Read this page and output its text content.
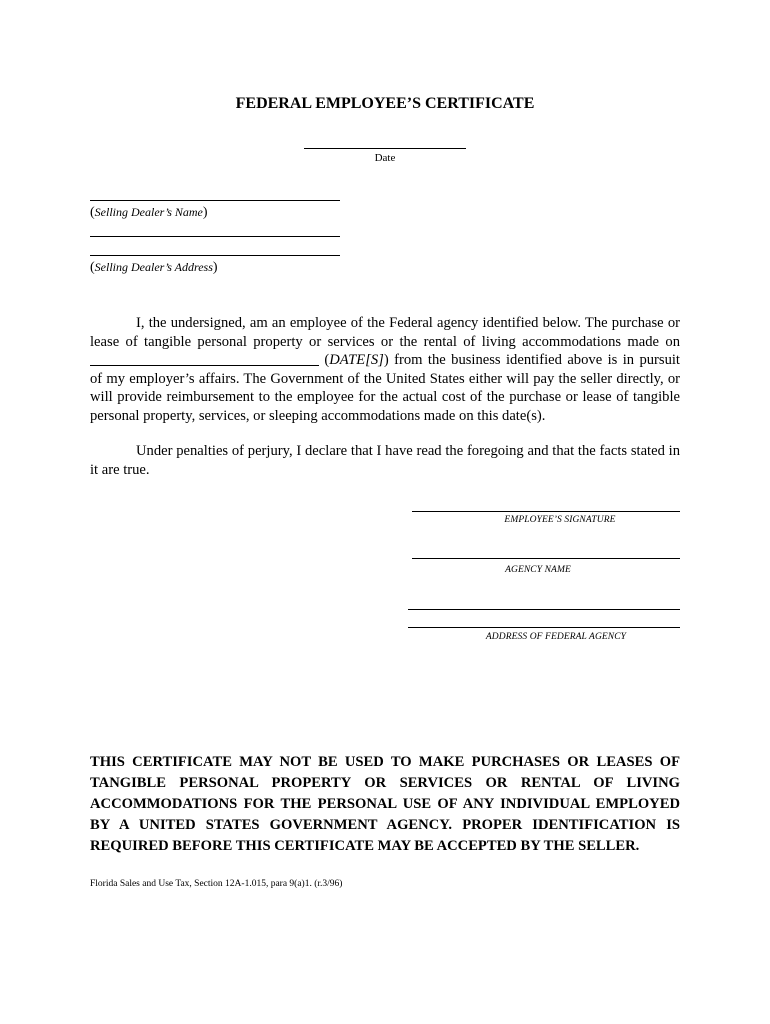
FEDERAL EMPLOYEE’S CERTIFICATE
Date
(Selling Dealer’s Name)
(Selling Dealer’s Address)

I, the undersigned, am an employee of the Federal agency identified below. The purchase or lease of tangible personal property or services or the rental of living accommodations made on  (DATE[S]) from the business identified above is in pursuit of my employer’s affairs. The Government of the United States either will pay the seller directly, or will provide reimbursement to the employee for the actual cost of the purchase or lease of tangible personal property, services, or sleeping accommodations made on this date(s).

Under penalties of perjury, I declare that I have read the foregoing and that the facts stated in it are true.

EMPLOYEE’S SIGNATURE
AGENCY NAME
ADDRESS OF FEDERAL AGENCY
THIS CERTIFICATE MAY NOT BE USED TO MAKE PURCHASES OR LEASES OF TANGIBLE PERSONAL PROPERTY OR SERVICES OR RENTAL OF LIVING ACCOMMODATIONS FOR THE PERSONAL USE OF ANY INDIVIDUAL EMPLOYED BY A UNITED STATES GOVERNMENT AGENCY. PROPER IDENTIFICATION IS REQUIRED BEFORE THIS CERTIFICATE MAY BE ACCEPTED BY THE SELLER.
Florida Sales and Use Tax, Section 12A-1.015, para 9(a)1. (r.3/96)
